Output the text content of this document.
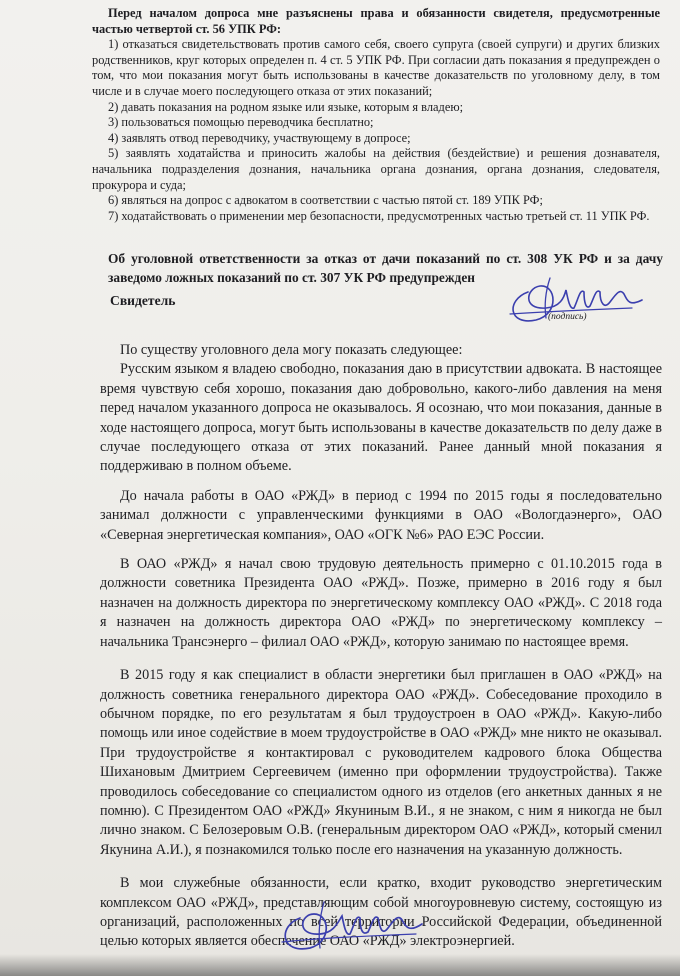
Перед началом допроса мне разъяснены права и обязанности свидетеля, предусмотренные частью четвертой ст. 56 УПК РФ:
1) отказаться свидетельствовать против самого себя, своего супруга (своей супруги) и других близких родственников, круг которых определен п. 4 ст. 5 УПК РФ. При согласии дать показания я предупрежден о том, что мои показания могут быть использованы в качестве доказательств по уголовному делу, в том числе и в случае моего последующего отказа от этих показаний;
2) давать показания на родном языке или языке, которым я владею;
3) пользоваться помощью переводчика бесплатно;
4) заявлять отвод переводчику, участвующему в допросе;
5) заявлять ходатайства и приносить жалобы на действия (бездействие) и решения дознавателя, начальника подразделения дознания, начальника органа дознания, органа дознания, следователя, прокурора и суда;
6) являться на допрос с адвокатом в соответствии с частью пятой ст. 189 УПК РФ;
7) ходатайствовать о применении мер безопасности, предусмотренных частью третьей ст. 11 УПК РФ.
Об уголовной ответственности за отказ от дачи показаний по ст. 308 УК РФ и за дачу заведомо ложных показаний по ст. 307 УК РФ предупрежден
Свидетель
(подпись)

По существу уголовного дела могу показать следующее:

Русским языком я владею свободно, показания даю в присутствии адвоката. В настоящее время чувствую себя хорошо, показания даю добровольно, какого-либо давления на меня перед началом указанного допроса не оказывалось. Я осознаю, что мои показания, данные в ходе настоящего допроса, могут быть использованы в качестве доказательств по делу даже в случае последующего отказа от этих показаний. Ранее данный мной показания я поддерживаю в полном объеме.

До начала работы в ОАО «РЖД» в период с 1994 по 2015 годы я последовательно занимал должности с управленческими функциями в ОАО «Вологдаэнерго», ОАО «Северная энергетическая компания», ОАО «ОГК №6» РАО ЕЭС России.

В ОАО «РЖД» я начал свою трудовую деятельность примерно с 01.10.2015 года в должности советника Президента ОАО «РЖД». Позже, примерно в 2016 году я был назначен на должность директора по энергетическому комплексу ОАО «РЖД». С 2018 года я назначен на должность директора ОАО «РЖД» по энергетическому комплексу – начальника Трансэнерго – филиал ОАО «РЖД», которую занимаю по настоящее время.

В 2015 году я как специалист в области энергетики был приглашен в ОАО «РЖД» на должность советника генерального директора ОАО «РЖД». Собеседование проходило в обычном порядке, по его результатам я был трудоустроен в ОАО «РЖД». Какую-либо помощь или иное содействие в моем трудоустройстве в ОАО «РЖД» мне никто не оказывал. При трудоустройстве я контактировал с руководителем кадрового блока Общества Шихановым Дмитрием Сергеевичем (именно при оформлении трудоустройства). Также проводилось собеседование со специалистом одного из отделов (его анкетных данных я не помню). С Президентом ОАО «РЖД» Якуниным В.И., я не знаком, с ним я никогда не был лично знаком. С Белозеровым О.В. (генеральным директором ОАО «РЖД», который сменил Якунина А.И.), я познакомился только после его назначения на указанную должность.

В мои служебные обязанности, если кратко, входит руководство энергетическим комплексом ОАО «РЖД», представляющим собой многоуровневую систему, состоящую из организаций, расположенных по всей территории Российской Федерации, объединенной целью которых является обеспечение ОАО «РЖД» электроэнергией.
